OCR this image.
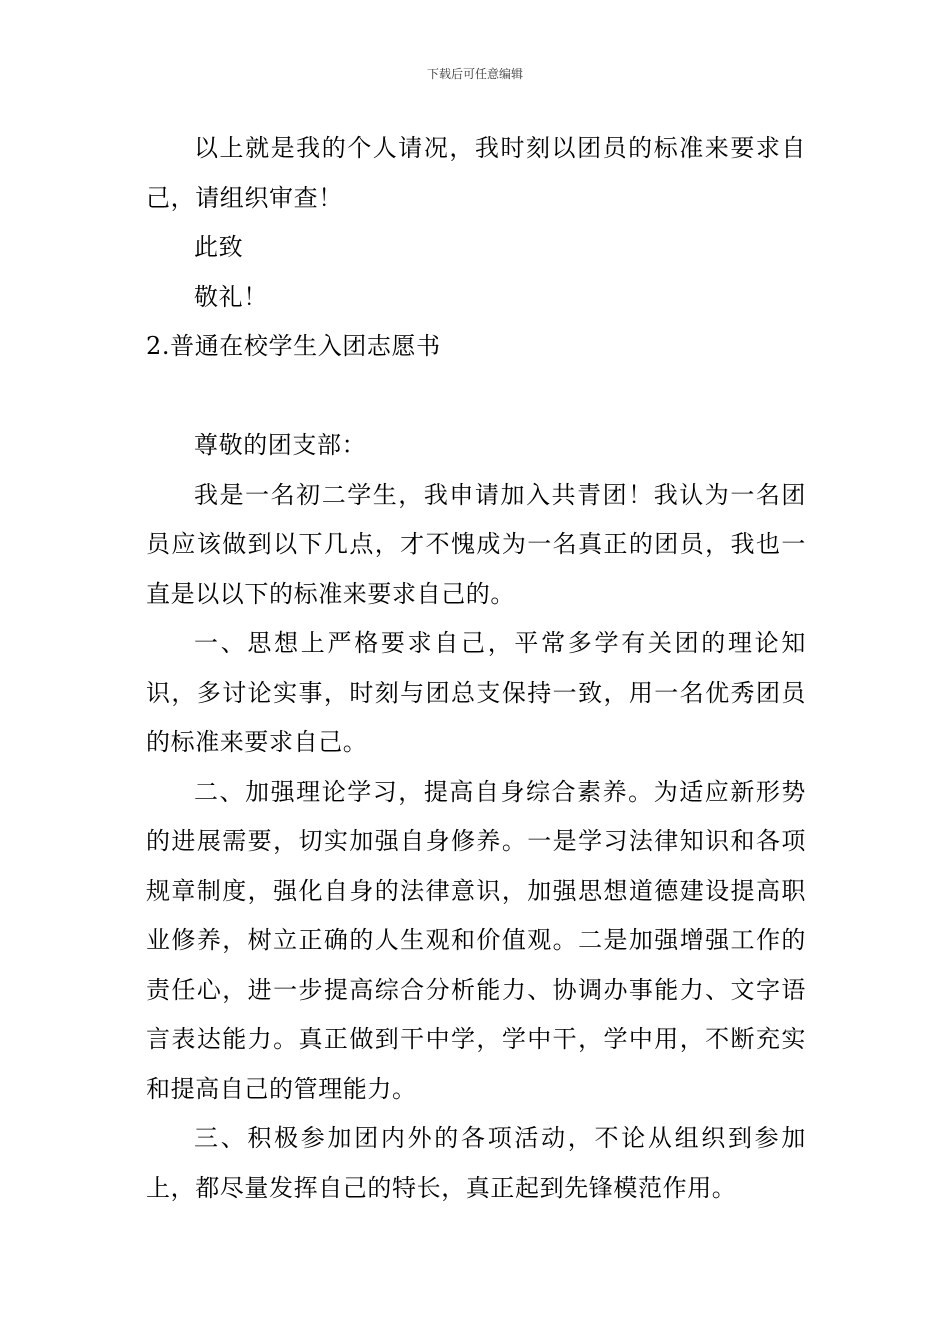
下载后可任意编辑

以上就是我的个人请况，我时刻以团员的标准来要求自己，请组织审查！

此致

敬礼！

2.普通在校学生入团志愿书

尊敬的团支部：

我是一名初二学生，我申请加入共青团！我认为一名团员应该做到以下几点，才不愧成为一名真正的团员，我也一直是以以下的标准来要求自己的。

一、思想上严格要求自己，平常多学有关团的理论知识，多讨论实事，时刻与团总支保持一致，用一名优秀团员的标准来要求自己。

二、加强理论学习，提高自身综合素养。为适应新形势的进展需要，切实加强自身修养。一是学习法律知识和各项规章制度，强化自身的法律意识，加强思想道德建设提高职业修养，树立正确的人生观和价值观。二是加强增强工作的责任心，进一步提高综合分析能力、协调办事能力、文字语言表达能力。真正做到干中学，学中干，学中用，不断充实和提高自己的管理能力。

三、积极参加团内外的各项活动，不论从组织到参加上，都尽量发挥自己的特长，真正起到先锋模范作用。
